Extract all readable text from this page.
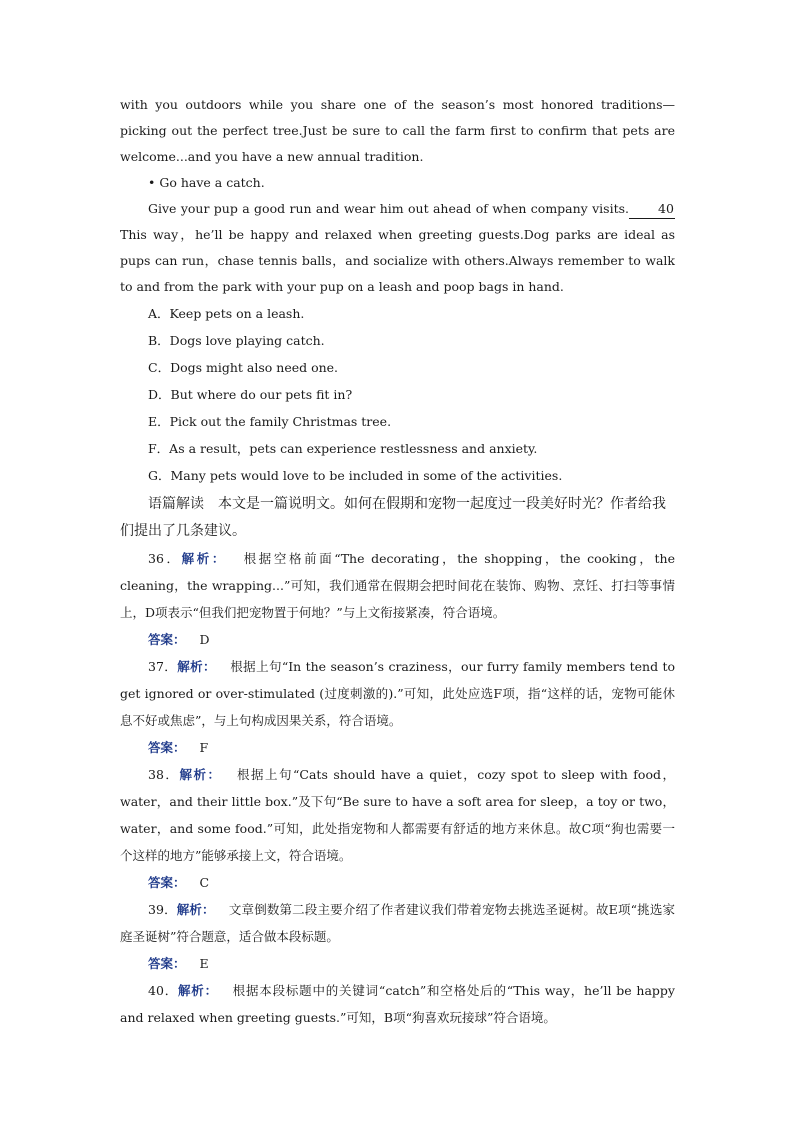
with you outdoors while you share one of the season’s most honored traditions—picking out the perfect tree.Just be sure to call the farm first to confirm that pets are welcome...and you have a new annual tradition.

• Go have a catch.

Give your pup a good run and wear him out ahead of when company visits. 40This way，he’ll be happy and relaxed when greeting guests.Dog parks are ideal as pups can run，chase tennis balls，and socialize with others.Always remember to walk to and from the park with your pup on a leash and poop bags in hand.

A．Keep pets on a leash.

B．Dogs love playing catch.

C．Dogs might also need one.

D．But where do our pets fit in?

E．Pick out the family Christmas tree.

F．As a result，pets can experience restlessness and anxiety.

G．Many pets would love to be included in some of the activities.

语篇解读 本文是一篇说明文。如何在假期和宠物一起度过一段美好时光？作者给我们提出了几条建议。

36．解析： 根据空格前面“The decorating，the shopping，the cooking，the cleaning，the wrapping...”可知，我们通常在假期会把时间花在装饰、购物、烹饪、打扫等事情上，D项表示“但我们把宠物置于何地？”与上文衔接紧凑，符合语境。

答案： D

37．解析： 根据上句“In the season’s craziness，our furry family members tend to get ignored or over-stimulated (过度刺激的).”可知，此处应选F项，指“这样的话，宠物可能休息不好或焦虑”，与上句构成因果关系，符合语境。

答案： F

38．解析： 根据上句“Cats should have a quiet，cozy spot to sleep with food，water，and their little box.”及下句“Be sure to have a soft area for sleep，a toy or two，water，and some food.”可知，此处指宠物和人都需要有舒适的地方来休息。故C项“狗也需要一个这样的地方”能够承接上文，符合语境。

答案： C

39．解析： 文章倒数第二段主要介绍了作者建议我们带着宠物去挑选圣诞树。故E项“挑选家庭圣诞树”符合题意，适合做本段标题。

答案： E

40．解析： 根据本段标题中的关键词“catch”和空格处后的“This way，he’ll be happy and relaxed when greeting guests.”可知，B项“狗喜欢玩接球”符合语境。
